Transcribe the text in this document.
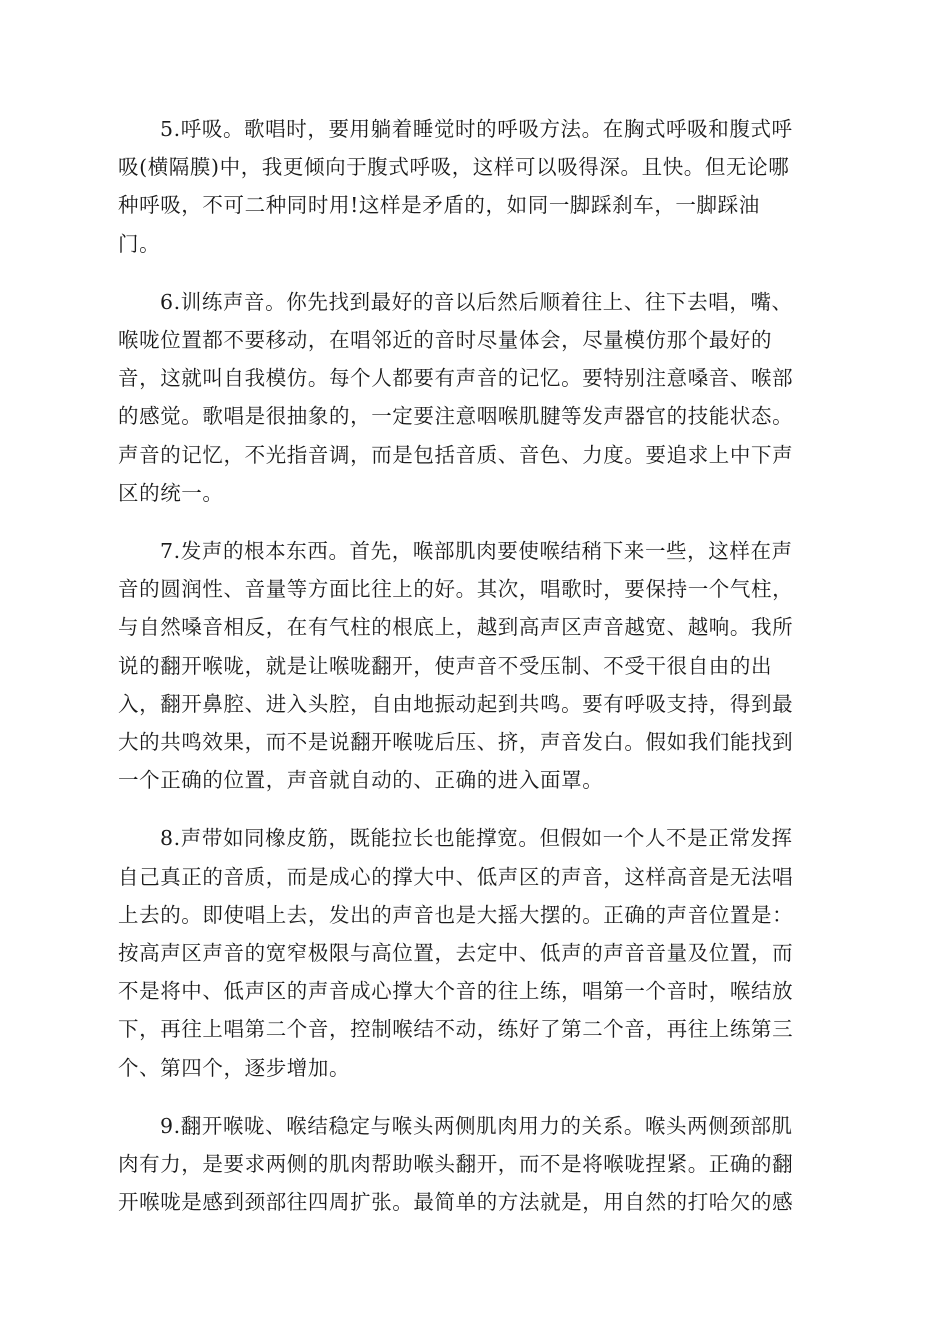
5.呼吸。歌唱时，要用躺着睡觉时的呼吸方法。在胸式呼吸和腹式呼
吸(横隔膜)中，我更倾向于腹式呼吸，这样可以吸得深。且快。但无论哪
种呼吸，不可二种同时用!这样是矛盾的，如同一脚踩刹车，一脚踩油
门。

6.训练声音。你先找到最好的音以后然后顺着往上、往下去唱，嘴、
喉咙位置都不要移动，在唱邻近的音时尽量体会，尽量模仿那个最好的
音，这就叫自我模仿。每个人都要有声音的记忆。要特别注意嗓音、喉部
的感觉。歌唱是很抽象的，一定要注意咽喉肌腱等发声器官的技能状态。
声音的记忆，不光指音调，而是包括音质、音色、力度。要追求上中下声
区的统一。

7.发声的根本东西。首先，喉部肌肉要使喉结稍下来一些，这样在声
音的圆润性、音量等方面比往上的好。其次，唱歌时，要保持一个气柱，
与自然嗓音相反，在有气柱的根底上，越到高声区声音越宽、越响。我所
说的翻开喉咙，就是让喉咙翻开，使声音不受压制、不受干很自由的出
入，翻开鼻腔、进入头腔，自由地振动起到共鸣。要有呼吸支持，得到最
大的共鸣效果，而不是说翻开喉咙后压、挤，声音发白。假如我们能找到
一个正确的位置，声音就自动的、正确的进入面罩。

8.声带如同橡皮筋，既能拉长也能撑宽。但假如一个人不是正常发挥
自己真正的音质，而是成心的撑大中、低声区的声音，这样高音是无法唱
上去的。即使唱上去，发出的声音也是大摇大摆的。正确的声音位置是：
按高声区声音的宽窄极限与高位置，去定中、低声的声音音量及位置，而
不是将中、低声区的声音成心撑大个音的往上练，唱第一个音时，喉结放
下，再往上唱第二个音，控制喉结不动，练好了第二个音，再往上练第三
个、第四个，逐步增加。

9.翻开喉咙、喉结稳定与喉头两侧肌肉用力的关系。喉头两侧颈部肌
肉有力，是要求两侧的肌肉帮助喉头翻开，而不是将喉咙捏紧。正确的翻
开喉咙是感到颈部往四周扩张。最简单的方法就是，用自然的打哈欠的感
